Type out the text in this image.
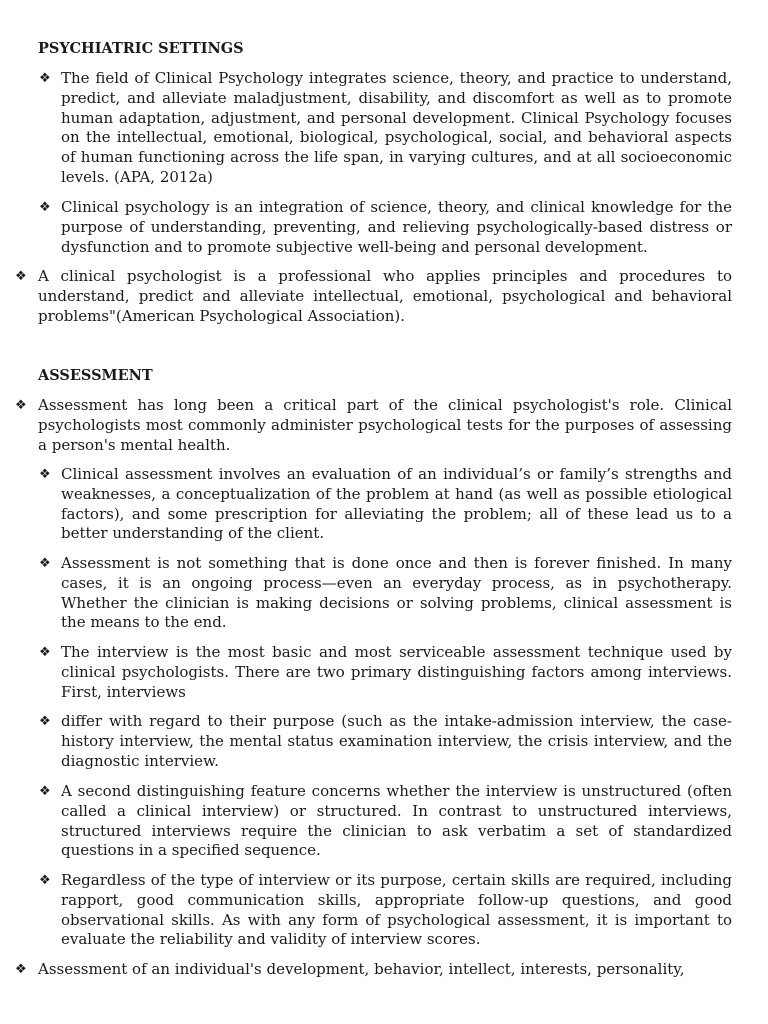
PSYCHIATRIC SETTINGS
❖ The field of Clinical Psychology integrates science, theory, and practice to understand, predict, and alleviate maladjustment, disability, and discomfort as well as to promote human adaptation, adjustment, and personal development. Clinical Psychology focuses on the intellectual, emotional, biological, psychological, social, and behavioral aspects of human functioning across the life span, in varying cultures, and at all socioeconomic levels. (APA, 2012a)
❖ Clinical psychology is an integration of science, theory, and clinical knowledge for the purpose of understanding, preventing, and relieving psychologically-based distress or dysfunction and to promote subjective well-being and personal development.
❖ A clinical psychologist is a professional who applies principles and procedures to understand, predict and alleviate intellectual, emotional, psychological and behavioral problems"(American Psychological Association).
ASSESSMENT
❖ Assessment has long been a critical part of the clinical psychologist's role. Clinical psychologists most commonly administer psychological tests for the purposes of assessing a person's mental health.
❖ Clinical assessment involves an evaluation of an individual’s or family’s strengths and weaknesses, a conceptualization of the problem at hand (as well as possible etiological factors), and some prescription for alleviating the problem; all of these lead us to a better understanding of the client.
❖ Assessment is not something that is done once and then is forever finished. In many cases, it is an ongoing process—even an everyday process, as in psychotherapy. Whether the clinician is making decisions or solving problems, clinical assessment is the means to the end.
❖ The interview is the most basic and most serviceable assessment technique used by clinical psychologists. There are two primary distinguishing factors among interviews. First, interviews
❖ differ with regard to their purpose (such as the intake-admission interview, the case-history interview, the mental status examination interview, the crisis interview, and the diagnostic interview.
❖ A second distinguishing feature concerns whether the interview is unstructured (often called a clinical interview) or structured. In contrast to unstructured interviews, structured interviews require the clinician to ask verbatim a set of standardized questions in a specified sequence.
❖ Regardless of the type of interview or its purpose, certain skills are required, including rapport, good communication skills, appropriate follow-up questions, and good observational skills. As with any form of psychological assessment, it is important to evaluate the reliability and validity of interview scores.
❖ Assessment of an individual's development, behavior, intellect, interests, personality,
